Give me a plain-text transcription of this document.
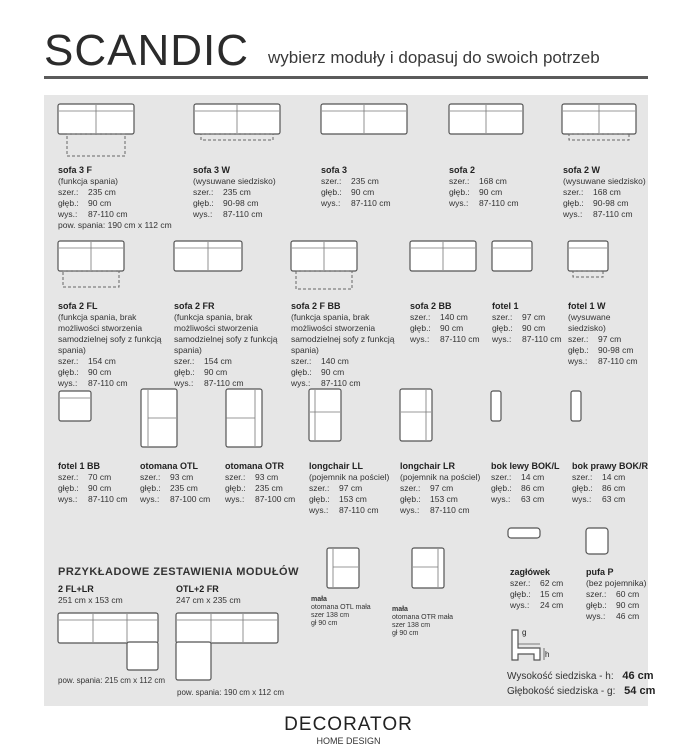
SCANDIC wybierz moduły i dopasuj do swoich potrzeb
sofa 3 F
(funkcja spania)
szer.: 235 cm
głęb.: 90 cm
wys.: 87-110 cm
pow. spania: 190 cm x 112 cm
sofa 3 W
(wysuwane siedzisko)
szer.: 235 cm
głęb.: 90-98 cm
wys.: 87-110 cm
sofa 3
szer.: 235 cm
głęb.: 90 cm
wys.: 87-110 cm
sofa 2
szer.: 168 cm
głęb.: 90 cm
wys.: 87-110 cm
sofa 2 W
(wysuwane siedzisko)
szer.: 168 cm
głęb.: 90-98 cm
wys.: 87-110 cm
sofa 2 FL
(funkcja spania, brak możliwości stworzenia samodzielnej sofy z funkcją spania)
szer.: 154 cm
głęb.: 90 cm
wys.: 87-110 cm
sofa 2 FR
(funkcja spania, brak możliwości stworzenia samodzielnej sofy z funkcją spania)
szer.: 154 cm
głęb.: 90 cm
wys.: 87-110 cm
sofa 2 F BB
(funkcja spania, brak możliwości stworzenia samodzielnej sofy z funkcją spania)
szer.: 140 cm
głęb.: 90 cm
wys.: 87-110 cm
sofa 2 BB
szer.: 140 cm
głęb.: 90 cm
wys.: 87-110 cm
fotel 1
szer.: 97 cm
głęb.: 90 cm
wys.: 87-110 cm
fotel 1 W
(wysuwane siedzisko)
szer.: 97 cm
głęb.: 90-98 cm
wys.: 87-110 cm
fotel 1 BB
szer.: 70 cm
głęb.: 90 cm
wys.: 87-110 cm
otomana OTL
szer.: 93 cm
głęb.: 235 cm
wys.: 87-100 cm
otomana OTR
szer.: 93 cm
głęb.: 235 cm
wys.: 87-100 cm
longchair LL
(pojemnik na pościel)
szer.: 97 cm
głęb.: 153 cm
wys.: 87-110 cm
longchair LR
(pojemnik na pościel)
szer.: 97 cm
głęb.: 153 cm
wys.: 87-110 cm
bok lewy BOK/L
szer.: 14 cm
głęb.: 86 cm
wys.: 63 cm
bok prawy BOK/R
szer.: 14 cm
głęb.: 86 cm
wys.: 63 cm
PRZYKŁADOWE ZESTAWIENIA MODUŁÓW
2 FL+LR
251 cm x 153 cm
OTL+2 FR
247 cm x 235 cm
pow. spania: 215 cm x 112 cm
pow. spania: 190 cm x 112 cm
mała
otomana OTL mała
szer 138 cm
gł 90 cm
mała
otomana OTR mała
szer 138 cm
gł 90 cm
zagłówek
szer.: 62 cm
głęb.: 15 cm
wys.: 24 cm
pufa P
(bez pojemnika)
szer.: 60 cm
głęb.: 90 cm
wys.: 46 cm
g
h
Wysokość siedziska - h: 46 cm
Głębokość siedziska - g: 54 cm
DECORATOR
HOME DESIGN
